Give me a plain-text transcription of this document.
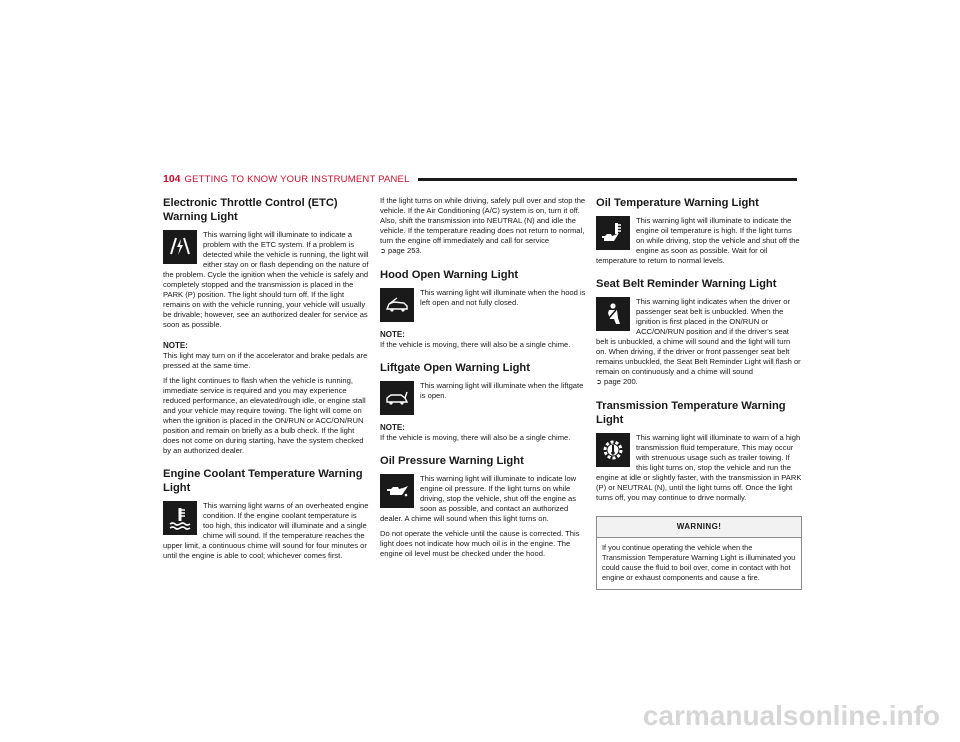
104 GETTING TO KNOW YOUR INSTRUMENT PANEL
Electronic Throttle Control (ETC) Warning Light

This warning light will illuminate to indicate a problem with the ETC system. If a problem is detected while the vehicle is running, the light will either stay on or flash depending on the nature of the problem. Cycle the ignition when the vehicle is safely and completely stopped and the transmission is placed in the PARK (P) position. The light should turn off. If the light remains on with the vehicle running, your vehicle will usually be drivable; however, see an authorized dealer for service as soon as possible.

NOTE:

This light may turn on if the accelerator and brake pedals are pressed at the same time.

If the light continues to flash when the vehicle is running, immediate service is required and you may experience reduced performance, an elevated/rough idle, or engine stall and your vehicle may require towing. The light will come on when the ignition is placed in the ON/RUN or ACC/ON/RUN position and remain on briefly as a bulb check. If the light does not come on during starting, have the system checked by an authorized dealer.

Engine Coolant Temperature Warning Light

This warning light warns of an overheated engine condition. If the engine coolant temperature is too high, this indicator will illuminate and a single chime will sound. If the temperature reaches the upper limit, a continuous chime will sound for four minutes or until the engine is able to cool; whichever comes first.

If the light turns on while driving, safely pull over and stop the vehicle. If the Air Conditioning (A/C) system is on, turn it off. Also, shift the transmission into NEUTRAL (N) and idle the vehicle. If the temperature reading does not return to normal, turn the engine off immediately and call for service ➲ page 253.

Hood Open Warning Light

This warning light will illuminate when the hood is left open and not fully closed.

NOTE:

If the vehicle is moving, there will also be a single chime.

Liftgate Open Warning Light

This warning light will illuminate when the liftgate is open.

NOTE:

If the vehicle is moving, there will also be a single chime.

Oil Pressure Warning Light

This warning light will illuminate to indicate low engine oil pressure. If the light turns on while driving, stop the vehicle, shut off the engine as soon as possible, and contact an authorized dealer. A chime will sound when this light turns on.

Do not operate the vehicle until the cause is corrected. This light does not indicate how much oil is in the engine. The engine oil level must be checked under the hood.

Oil Temperature Warning Light

This warning light will illuminate to indicate the engine oil temperature is high. If the light turns on while driving, stop the vehicle and shut off the engine as soon as possible. Wait for oil temperature to return to normal levels.

Seat Belt Reminder Warning Light

This warning light indicates when the driver or passenger seat belt is unbuckled. When the ignition is first placed in the ON/RUN or ACC/ON/RUN position and if the driver’s seat belt is unbuckled, a chime will sound and the light will turn on. When driving, if the driver or front passenger seat belt remains unbuckled, the Seat Belt Reminder Light will flash or remain on continuously and a chime will sound
➲ page 200.

Transmission Temperature Warning Light

This warning light will illuminate to warn of a high transmission fluid temperature. This may occur with strenuous usage such as trailer towing. If this light turns on, stop the vehicle and run the engine at idle or slightly faster, with the transmission in PARK (P) or NEUTRAL (N), until the light turns off. Once the light turns off, you may continue to drive normally.

WARNING!
If you continue operating the vehicle when the Transmission Temperature Warning Light is illuminated you could cause the fluid to boil over, come in contact with hot engine or exhaust components and cause a fire.
carmanualsonline.info
